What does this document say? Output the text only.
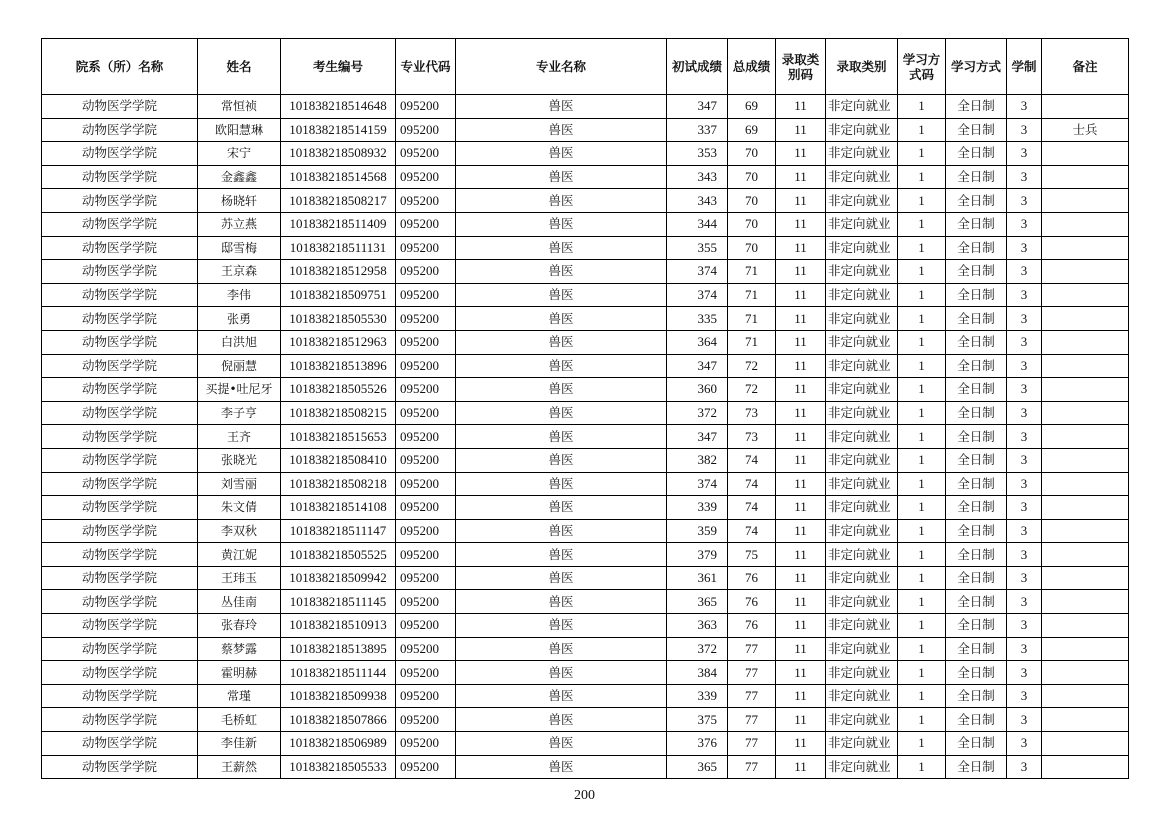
院系（所）名称	姓名	考生编号	专业代码	专业名称	初试成绩	总成绩	录取类别码	录取类别	学习方式码	学习方式	学制	备注
动物医学学院	常恒祯	101838218514648	095200	兽医	347	69	11	非定向就业	1	全日制	3	
动物医学学院	欧阳慧琳	101838218514159	095200	兽医	337	69	11	非定向就业	1	全日制	3	士兵
动物医学学院	宋宁	101838218508932	095200	兽医	353	70	11	非定向就业	1	全日制	3	
动物医学学院	金鑫鑫	101838218514568	095200	兽医	343	70	11	非定向就业	1	全日制	3	
动物医学学院	杨晓轩	101838218508217	095200	兽医	343	70	11	非定向就业	1	全日制	3	
动物医学学院	苏立燕	101838218511409	095200	兽医	344	70	11	非定向就业	1	全日制	3	
动物医学学院	邸雪梅	101838218511131	095200	兽医	355	70	11	非定向就业	1	全日制	3	
动物医学学院	王京森	101838218512958	095200	兽医	374	71	11	非定向就业	1	全日制	3	
动物医学学院	李伟	101838218509751	095200	兽医	374	71	11	非定向就业	1	全日制	3	
动物医学学院	张勇	101838218505530	095200	兽医	335	71	11	非定向就业	1	全日制	3	
动物医学学院	白洪旭	101838218512963	095200	兽医	364	71	11	非定向就业	1	全日制	3	
动物医学学院	倪丽慧	101838218513896	095200	兽医	347	72	11	非定向就业	1	全日制	3	
动物医学学院	买提•吐尼牙	101838218505526	095200	兽医	360	72	11	非定向就业	1	全日制	3	
动物医学学院	李子亨	101838218508215	095200	兽医	372	73	11	非定向就业	1	全日制	3	
动物医学学院	王齐	101838218515653	095200	兽医	347	73	11	非定向就业	1	全日制	3	
动物医学学院	张晓光	101838218508410	095200	兽医	382	74	11	非定向就业	1	全日制	3	
动物医学学院	刘雪丽	101838218508218	095200	兽医	374	74	11	非定向就业	1	全日制	3	
动物医学学院	朱文倩	101838218514108	095200	兽医	339	74	11	非定向就业	1	全日制	3	
动物医学学院	李双秋	101838218511147	095200	兽医	359	74	11	非定向就业	1	全日制	3	
动物医学学院	黄江妮	101838218505525	095200	兽医	379	75	11	非定向就业	1	全日制	3	
动物医学学院	王玮玉	101838218509942	095200	兽医	361	76	11	非定向就业	1	全日制	3	
动物医学学院	丛佳南	101838218511145	095200	兽医	365	76	11	非定向就业	1	全日制	3	
动物医学学院	张春玲	101838218510913	095200	兽医	363	76	11	非定向就业	1	全日制	3	
动物医学学院	蔡梦露	101838218513895	095200	兽医	372	77	11	非定向就业	1	全日制	3	
动物医学学院	霍明赫	101838218511144	095200	兽医	384	77	11	非定向就业	1	全日制	3	
动物医学学院	常瑾	101838218509938	095200	兽医	339	77	11	非定向就业	1	全日制	3	
动物医学学院	毛桥虹	101838218507866	095200	兽医	375	77	11	非定向就业	1	全日制	3	
动物医学学院	李佳新	101838218506989	095200	兽医	376	77	11	非定向就业	1	全日制	3	
动物医学学院	王薪然	101838218505533	095200	兽医	365	77	11	非定向就业	1	全日制	3	
200
